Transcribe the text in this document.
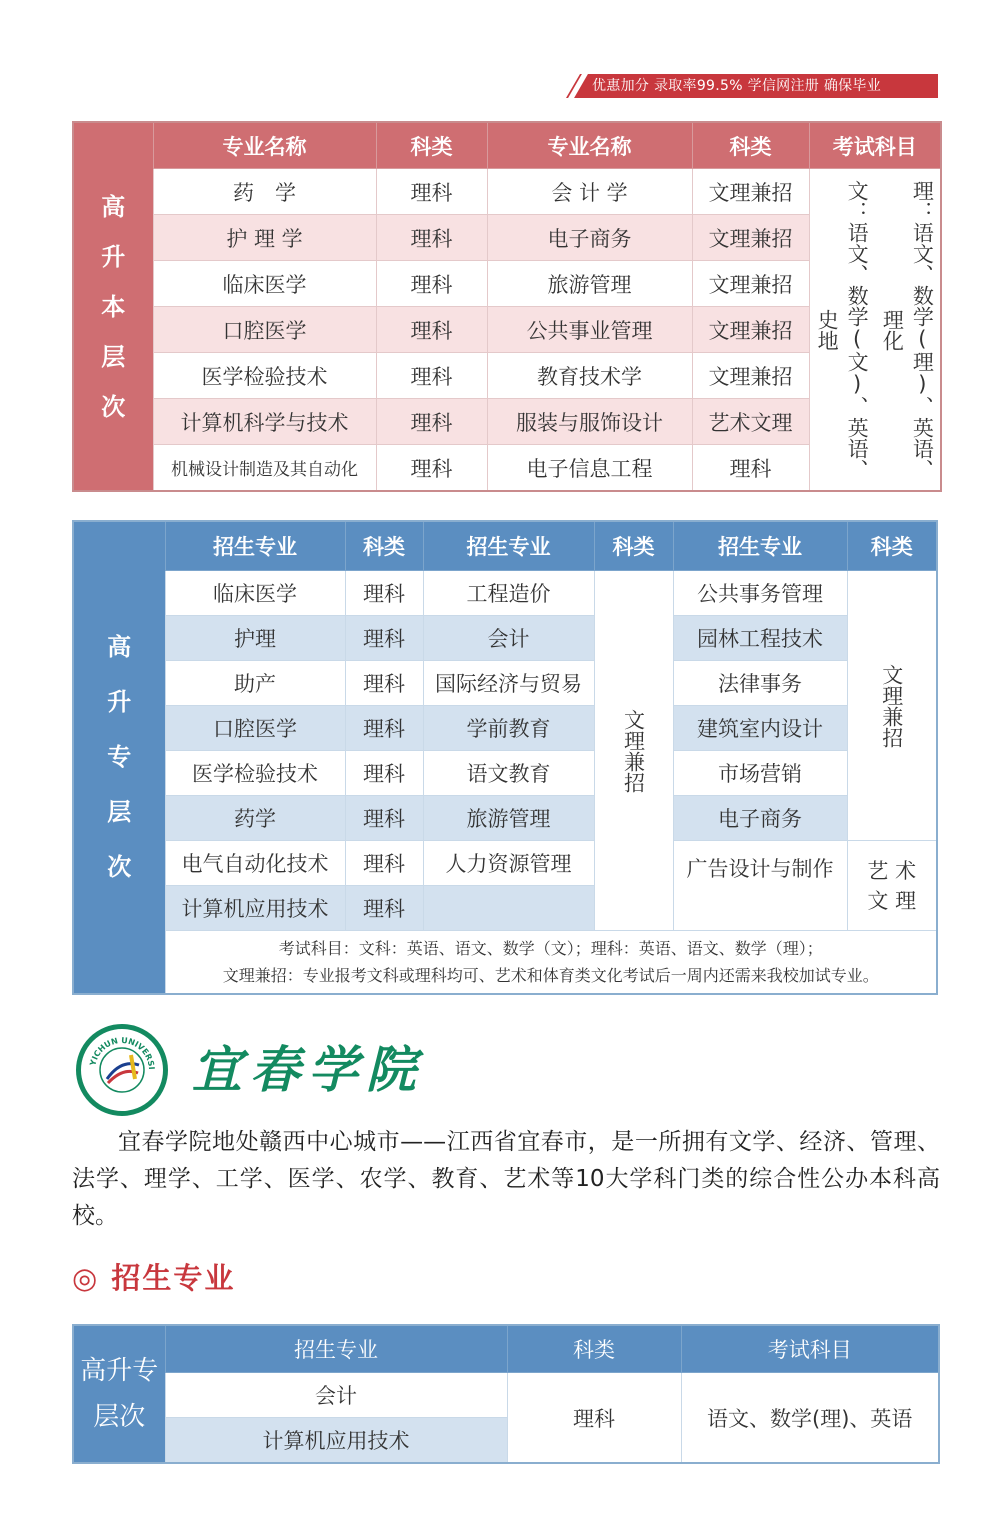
优惠加分 录取率99.5% 学信网注册 确保毕业
高
升
本
层
次	专业名称	科类	专业名称	科类	考试科目
	药　学	理科	会 计 学	文理兼招	文：语文、数学(文)、英语、史地 理：语文、数学(理)、英语、理化

	护 理 学	理科	电子商务	文理兼招	
	临床医学	理科	旅游管理	文理兼招	
	口腔医学	理科	公共事业管理	文理兼招	
	医学检验技术	理科	教育技术学	文理兼招	
	计算机科学与技术	理科	服装与服饰设计	艺术文理	
	机械设计制造及其自动化	理科	电子信息工程	理科	
高
升
专
层
次	招生专业	科类	招生专业	科类	招生专业	科类
	临床医学	理科	工程造价	文理兼招	公共事务管理	文理兼招

	护理	理科	会计		园林工程技术	
	助产	理科	国际经济与贸易		法律事务	
	口腔医学	理科	学前教育		建筑室内设计	
	医学检验技术	理科	语文教育		市场营销	
	药学	理科	旅游管理		电子商务	
	电气自动化技术	理科	人力资源管理		广告设计与制作	艺 术 文 理

	计算机应用技术	理科				

	考试科目：文科：英语、语文、数学（文）；理科：英语、语文、数学（理）；
文理兼招：专业报考文科或理科均可、艺术和体育类文化考试后一周内还需来我校加试专业。					
YICHUN UNIVERSI 宜春学院
宜春学院地处赣西中心城市——江西省宜春市，是一所拥有文学、经济、管理、法学、理学、工学、医学、农学、教育、艺术等10大学科门类的综合性公办本科高校。
◎ 招生专业
高升专层次	招生专业	科类	考试科目
	会计	理科	语文、数学(理)、英语
	计算机应用技术		
